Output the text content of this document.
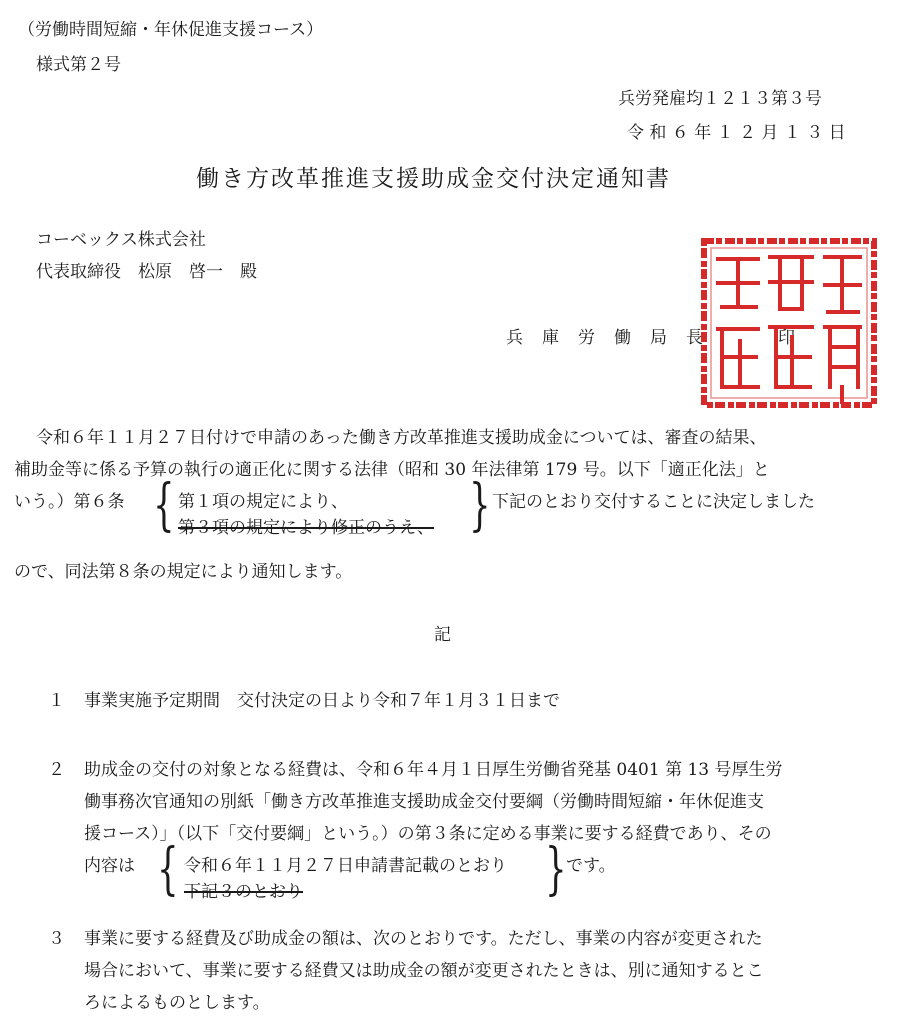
（労働時間短縮・年休促進支援コース）
様式第２号
兵労発雇均１２１３第３号
令 和 ６ 年 １ ２ 月 １ ３ 日
働き方改革推進支援助成金交付決定通知書
コーベックス株式会社
代表取締役　松原　啓一　殿
兵　庫　労　働　局　長	印
令和６年１１月２７日付けで申請のあった働き方改革推進支援助成金については、審査の結果、
補助金等に係る予算の執行の適正化に関する法律（昭和 30 年法律第 179 号。以下「適正化法」と
いう。）第６条 { 第１項の規定により、
第３項の規定により修正のうえ、 } 下記のとおり交付することに決定しました
ので、同法第８条の規定により通知します。
記
１ 事業実施予定期間　交付決定の日より令和７年１月３１日まで
２ 助成金の交付の対象となる経費は、令和６年４月１日厚生労働省発基 0401 第 13 号厚生労
働事務次官通知の別紙「働き方改革推進支援助成金交付要綱（労働時間短縮・年休促進支
援コース）」（以下「交付要綱」という。）の第３条に定める事業に要する経費であり、その
内容は { 令和６年１１月２７日申請書記載のとおり
下記３のとおり	} です。
３ 事業に要する経費及び助成金の額は、次のとおりです。ただし、事業の内容が変更された
場合において、事業に要する経費又は助成金の額が変更されたときは、別に通知するとこ
ろによるものとします。
